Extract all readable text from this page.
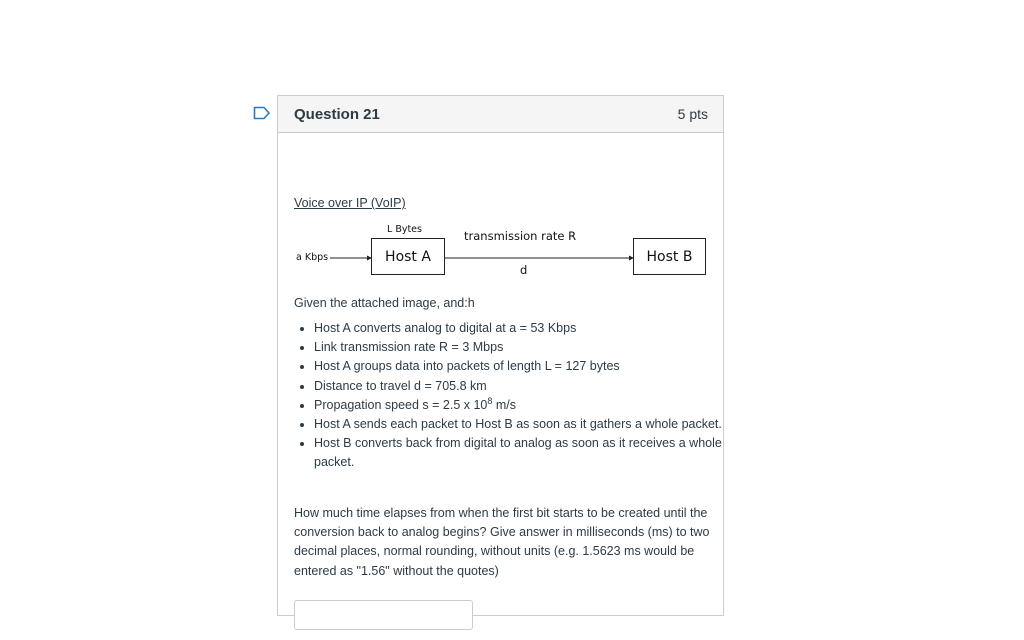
Question 21	5 pts
Voice over IP (VoIP)
L Bytes
a Kbps
transmission rate R
d
Host A	Host B
Given the attached image, and:h
• Host A converts analog to digital at a = 53 Kbps
• Link transmission rate R = 3 Mbps
• Host A groups data into packets of length L = 127 bytes
• Distance to travel d = 705.8 km
• Propagation speed s = 2.5 x $10^8$ m/s
• Host A sends each packet to Host B as soon as it gathers a whole packet.
• Host B converts back from digital to analog as soon as it receives a whole packet.
How much time elapses from when the first bit starts to be created until the conversion back to analog begins? Give answer in milliseconds (ms) to two decimal places, normal rounding, without units (e.g. 1.5623 ms would be entered as "1.56" without the quotes)
